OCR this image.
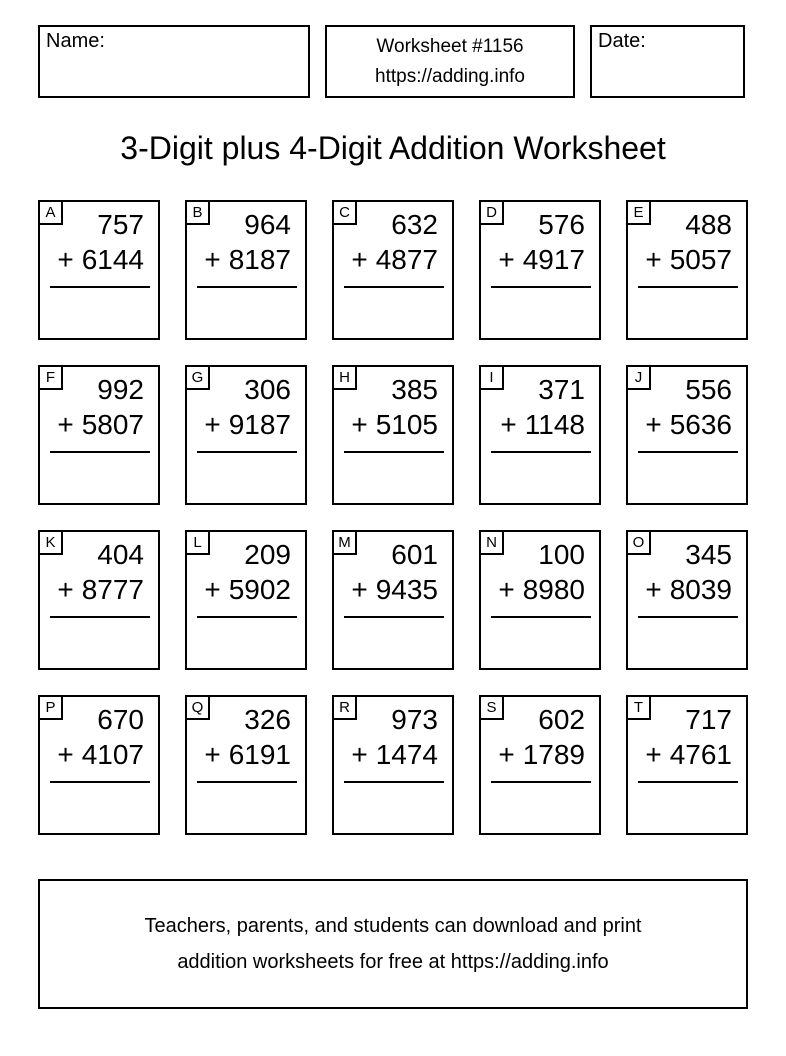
Name:	Worksheet #1156
https://adding.info
Date:
3-Digit plus 4-Digit Addition Worksheet
A	757
+ 6144
B	964
+ 8187
C	632
+ 4877
D	576
+ 4917
E	488
+ 5057
F	992
+ 5807
G	306
+ 9187
H	385
+ 5105
I	371
+ 1148
J	556
+ 5636
K	404
+ 8777
L	209
+ 5902
M	601
+ 9435
N	100
+ 8980
O	345
+ 8039
P	670
+ 4107
Q	326
+ 6191
R	973
+ 1474
S	602
+ 1789
T	717
+ 4761
Teachers, parents, and students can download and print
addition worksheets for free at https://adding.info
